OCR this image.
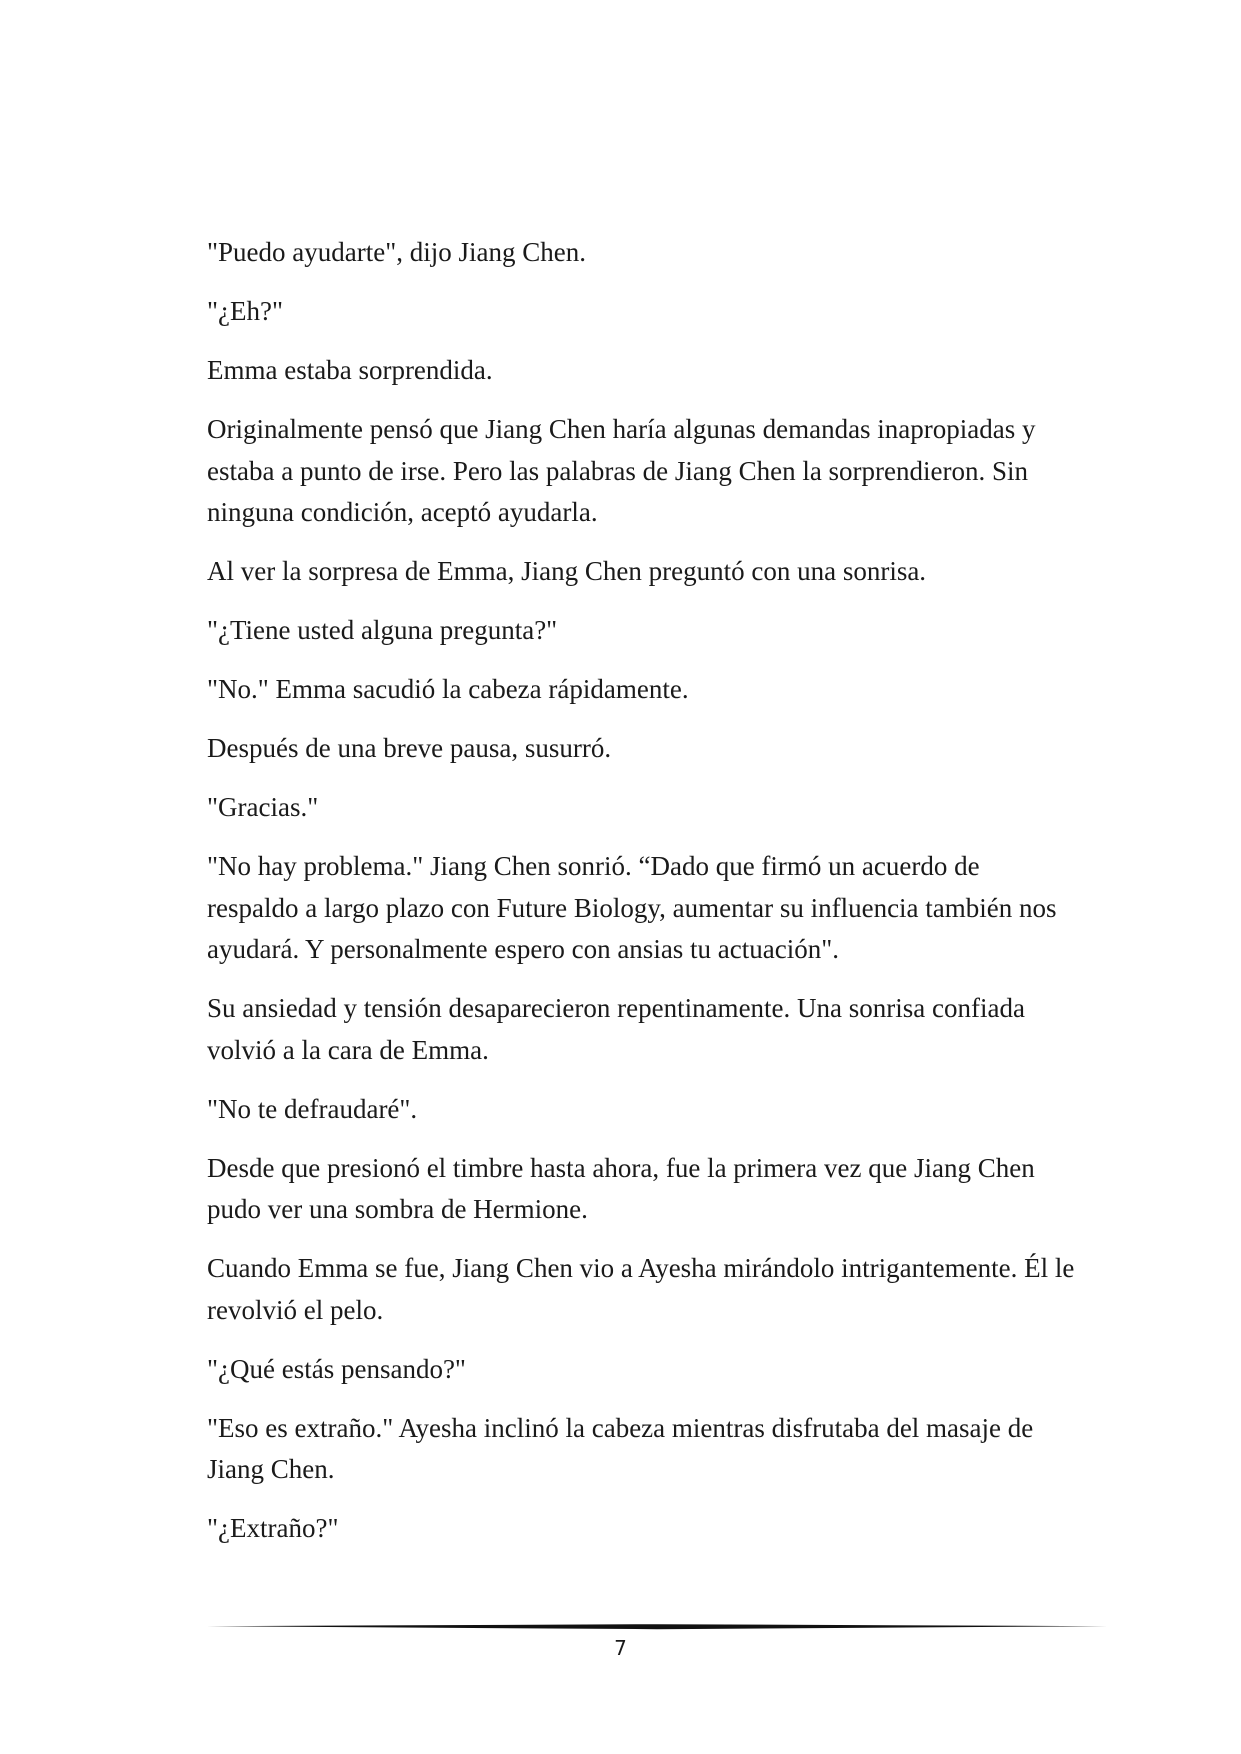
"Puedo ayudarte", dijo Jiang Chen.

"¿Eh?"

Emma estaba sorprendida.

Originalmente pensó que Jiang Chen haría algunas demandas inapropiadas y estaba a punto de irse. Pero las palabras de Jiang Chen la sorprendieron. Sin ninguna condición, aceptó ayudarla.

Al ver la sorpresa de Emma, Jiang Chen preguntó con una sonrisa.

"¿Tiene usted alguna pregunta?"

"No." Emma sacudió la cabeza rápidamente.

Después de una breve pausa, susurró.

"Gracias."

"No hay problema." Jiang Chen sonrió. “Dado que firmó un acuerdo de respaldo a largo plazo con Future Biology, aumentar su influencia también nos ayudará. Y personalmente espero con ansias tu actuación".

Su ansiedad y tensión desaparecieron repentinamente. Una sonrisa confiada volvió a la cara de Emma.

"No te defraudaré".

Desde que presionó el timbre hasta ahora, fue la primera vez que Jiang Chen pudo ver una sombra de Hermione.

Cuando Emma se fue, Jiang Chen vio a Ayesha mirándolo intrigantemente. Él le revolvió el pelo.

"¿Qué estás pensando?"

"Eso es extraño." Ayesha inclinó la cabeza mientras disfrutaba del masaje de Jiang Chen.

"¿Extraño?"

7
